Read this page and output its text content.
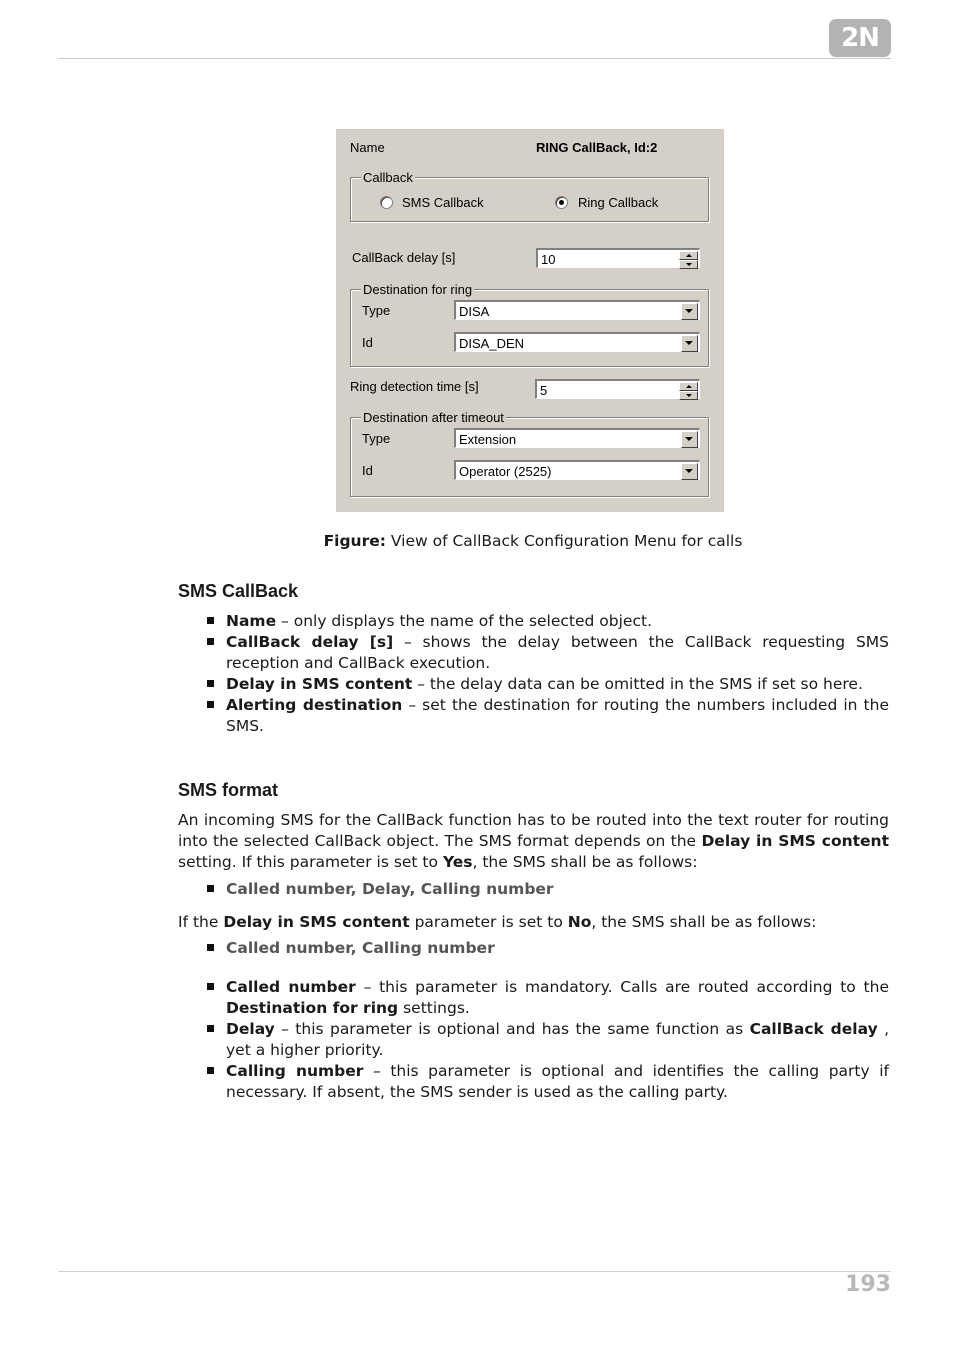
2N
Name	RING CallBack, Id:2
Callback
SMS Callback	Ring Callback
CallBack delay [s]	10
Destination for ring
Type	DISA
Id	DISA_DEN
Ring detection time [s]	5
Destination after timeout
Type	Extension
Id	Operator (2525)
Figure: View of CallBack Configuration Menu for calls
SMS CallBack
Name – only displays the name of the selected object.
CallBack delay [s] – shows the delay between the CallBack requesting SMS reception and CallBack execution.
Delay in SMS content – the delay data can be omitted in the SMS if set so here.
Alerting destination – set the destination for routing the numbers included in the SMS.
SMS format
An incoming SMS for the CallBack function has to be routed into the text router for routing into the selected CallBack object. The SMS format depends on the Delay in SMS content setting. If this parameter is set to Yes, the SMS shall be as follows:
Called number, Delay, Calling number
If the Delay in SMS content parameter is set to No, the SMS shall be as follows:
Called number, Calling number
Called number – this parameter is mandatory. Calls are routed according to the Destination for ring settings.
Delay – this parameter is optional and has the same function as CallBack delay , yet a higher priority.
Calling number – this parameter is optional and identifies the calling party if necessary. If absent, the SMS sender is used as the calling party.
193
